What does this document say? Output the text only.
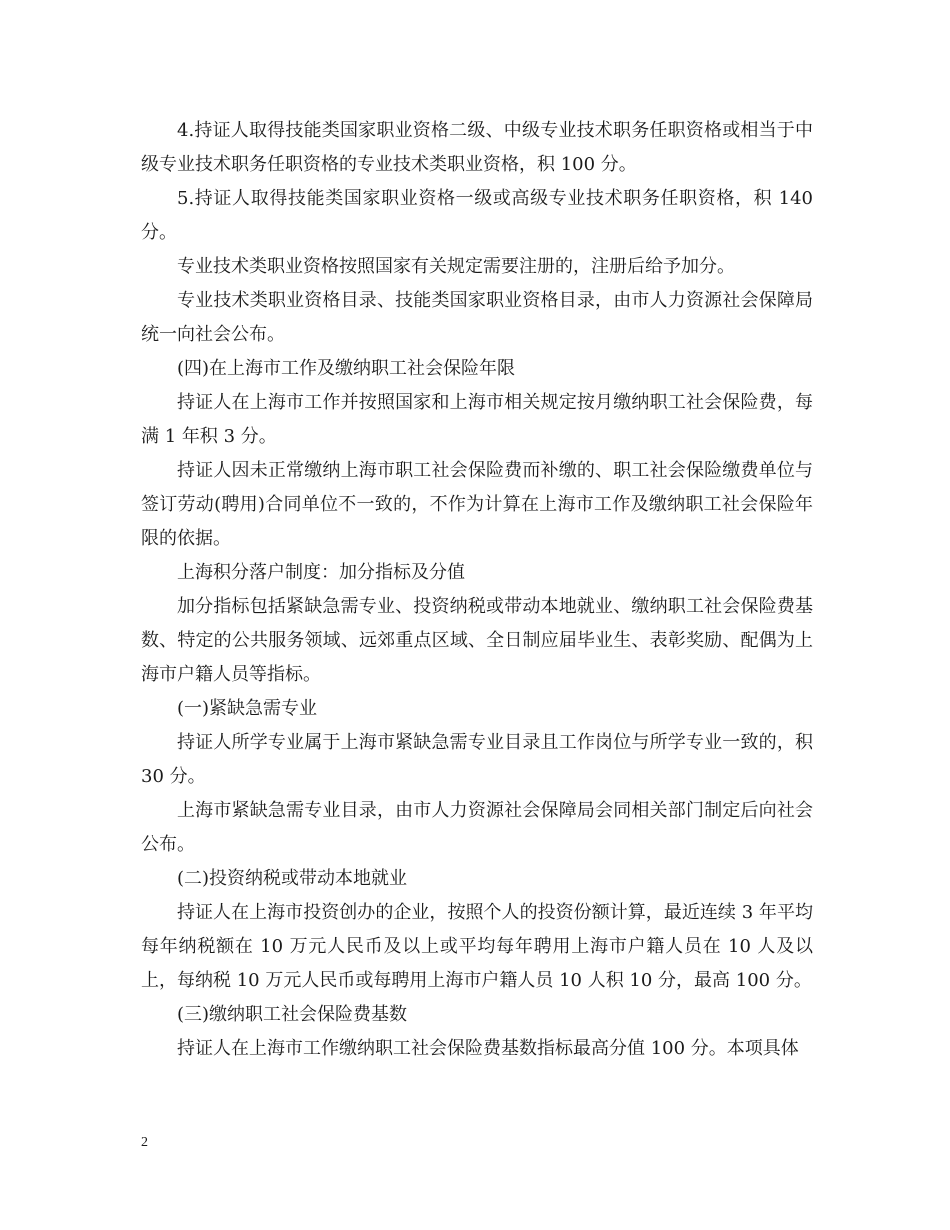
4.持证人取得技能类国家职业资格二级、中级专业技术职务任职资格或相当于中级专业技术职务任职资格的专业技术类职业资格，积 100 分。

5.持证人取得技能类国家职业资格一级或高级专业技术职务任职资格，积 140 分。

专业技术类职业资格按照国家有关规定需要注册的，注册后给予加分。

专业技术类职业资格目录、技能类国家职业资格目录，由市人力资源社会保障局统一向社会公布。

(四)在上海市工作及缴纳职工社会保险年限

持证人在上海市工作并按照国家和上海市相关规定按月缴纳职工社会保险费，每满 1 年积 3 分。

持证人因未正常缴纳上海市职工社会保险费而补缴的、职工社会保险缴费单位与签订劳动(聘用)合同单位不一致的，不作为计算在上海市工作及缴纳职工社会保险年限的依据。

上海积分落户制度：加分指标及分值

加分指标包括紧缺急需专业、投资纳税或带动本地就业、缴纳职工社会保险费基数、特定的公共服务领域、远郊重点区域、全日制应届毕业生、表彰奖励、配偶为上海市户籍人员等指标。

(一)紧缺急需专业

持证人所学专业属于上海市紧缺急需专业目录且工作岗位与所学专业一致的，积 30 分。

上海市紧缺急需专业目录，由市人力资源社会保障局会同相关部门制定后向社会公布。

(二)投资纳税或带动本地就业

持证人在上海市投资创办的企业，按照个人的投资份额计算，最近连续 3 年平均每年纳税额在 10 万元人民币及以上或平均每年聘用上海市户籍人员在 10 人及以上，每纳税 10 万元人民币或每聘用上海市户籍人员 10 人积 10 分，最高 100 分。

(三)缴纳职工社会保险费基数

持证人在上海市工作缴纳职工社会保险费基数指标最高分值 100 分。本项具体

2
